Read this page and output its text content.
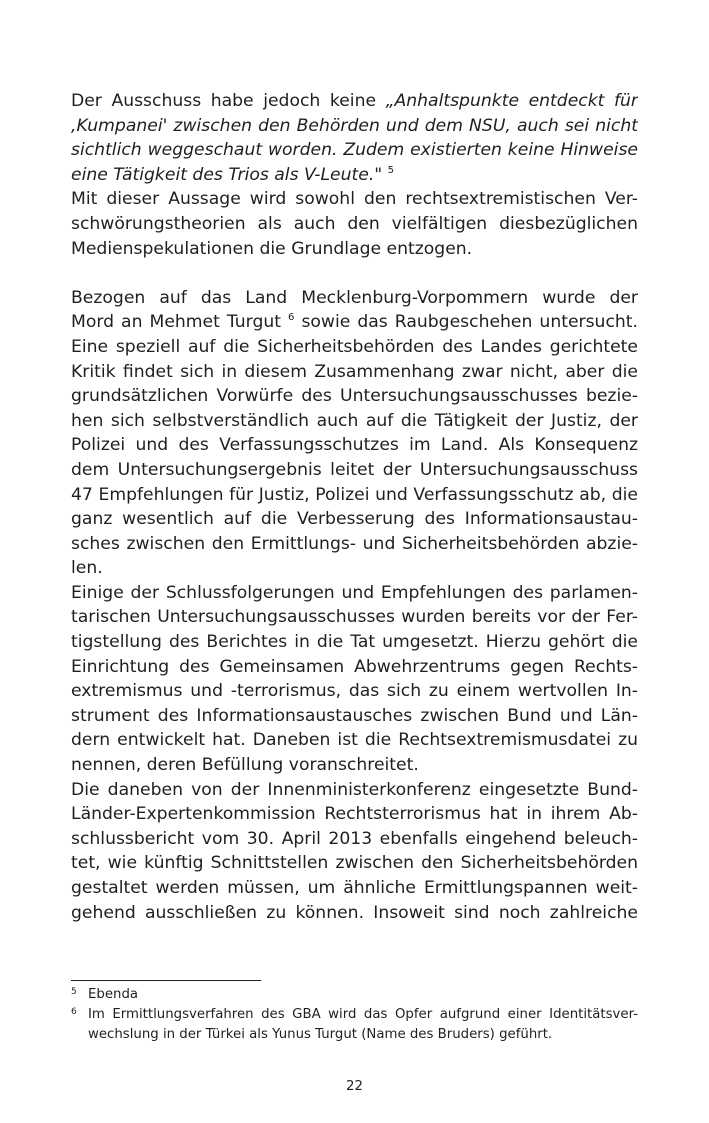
Der Ausschuss habe jedoch keine „Anhaltspunkte entdeckt für
‚Kumpanei' zwischen den Behörden und dem NSU, auch sei nicht
sichtlich weggeschaut worden. Zudem existierten keine Hinweise
eine Tätigkeit des Trios als V-Leute." $^5$
Mit dieser Aussage wird sowohl den rechtsextremistischen Ver-
schwörungstheorien als auch den vielfältigen diesbezüglichen
Medienspekulationen die Grundlage entzogen.
Bezogen auf das Land Mecklenburg-Vorpommern wurde der
Mord an Mehmet Turgut $^6$ sowie das Raubgeschehen untersucht.
Eine speziell auf die Sicherheitsbehörden des Landes gerichtete
Kritik findet sich in diesem Zusammenhang zwar nicht, aber die
grundsätzlichen Vorwürfe des Untersuchungsausschusses bezie-
hen sich selbstverständlich auch auf die Tätigkeit der Justiz, der
Polizei und des Verfassungsschutzes im Land. Als Konsequenz
dem Untersuchungsergebnis leitet der Untersuchungsausschuss
47 Empfehlungen für Justiz, Polizei und Verfassungsschutz ab, die
ganz wesentlich auf die Verbesserung des Informationsaustau-
sches zwischen den Ermittlungs- und Sicherheitsbehörden abzie-
len.
Einige der Schlussfolgerungen und Empfehlungen des parlamen-
tarischen Untersuchungsausschusses wurden bereits vor der Fer-
tigstellung des Berichtes in die Tat umgesetzt. Hierzu gehört die
Einrichtung des Gemeinsamen Abwehrzentrums gegen Rechts-
extremismus und -terrorismus, das sich zu einem wertvollen In-
strument des Informationsaustausches zwischen Bund und Län-
dern entwickelt hat. Daneben ist die Rechtsextremismusdatei zu
nennen, deren Befüllung voranschreitet.
Die daneben von der Innenministerkonferenz eingesetzte Bund-
Länder-Expertenkommission Rechtsterrorismus hat in ihrem Ab-
schlussbericht vom 30. April 2013 ebenfalls eingehend beleuch-
tet, wie künftig Schnittstellen zwischen den Sicherheitsbehörden
gestaltet werden müssen, um ähnliche Ermittlungspannen weit-
gehend ausschließen zu können. Insoweit sind noch zahlreiche
5 Ebenda
6 Im Ermittlungsverfahren des GBA wird das Opfer aufgrund einer Identitätsver-
wechslung in der Türkei als Yunus Turgut (Name des Bruders) geführt.
22
